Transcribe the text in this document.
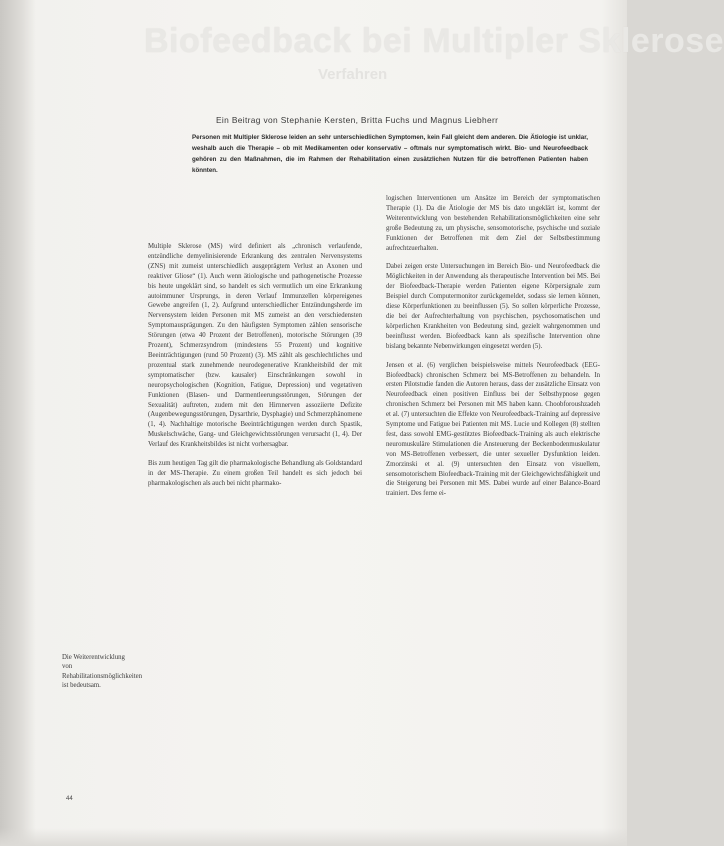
Biofeedback bei Multipler Sklerose
Verfahren
Ein Beitrag von Stephanie Kersten, Britta Fuchs und Magnus Liebherr
Personen mit Multipler Sklerose leiden an sehr unterschiedlichen Symptomen, kein Fall gleicht dem anderen. Die Ätiologie ist unklar, weshalb auch die Therapie – ob mit Medikamenten oder konservativ – oftmals nur symptomatisch wirkt. Bio- und Neurofeedback gehören zu den Maßnahmen, die im Rahmen der Rehabilitation einen zusätzlichen Nutzen für die betroffenen Patienten haben könnten.

Multiple Sklerose (MS) wird definiert als „chronisch verlaufende, entzündliche demyelinisierende Erkrankung des zentralen Nervensystems (ZNS) mit zumeist unterschiedlich ausgeprägtem Verlust an Axonen und reaktiver Gliose“ (1). Auch wenn ätiologische und pathogenetische Prozesse bis heute ungeklärt sind, so handelt es sich vermutlich um eine Erkrankung autoimmuner Ursprungs, in deren Verlauf Immunzellen körpereigenes Gewebe angreifen (1, 2). Aufgrund unterschiedlicher Entzündungsherde im Nervensystem leiden Personen mit MS zumeist an den verschiedensten Symptomausprägungen. Zu den häufigsten Symptomen zählen sensorische Störungen (etwa 40 Prozent der Betroffenen), motorische Störungen (39 Prozent), Schmerzsyndrom (mindestens 55 Prozent) und kognitive Beeinträchtigungen (rund 50 Prozent) (3). MS zählt als geschlechtliches und prozentual stark zunehmende neurodegenerative Krankheitsbild der mit symptomatischer (bzw. kausaler) Einschränkungen sowohl in neuropsychologischen (Kognition, Fatigue, Depression) und vegetativen Funktionen (Blasen- und Darmentleerungsstörungen, Störungen der Sexualität) auftreten, zudem mit den Hirnnerven assoziierte Defizite (Augenbewegungsstörungen, Dysarthrie, Dysphagie) und Schmerzphänomene (1, 4). Nachhaltige motorische Beeinträchtigungen werden durch Spastik, Muskelschwäche, Gang- und Gleichgewichtsstörungen verursacht (1, 4). Der Verlauf des Krankheitsbildes ist nicht vorhersagbar.

Bis zum heutigen Tag gilt die pharmakologische Behandlung als Goldstandard in der MS-Therapie. Zu einem großen Teil handelt es sich jedoch bei pharmakologischen als auch bei nicht pharmako-

logischen Interventionen um Ansätze im Bereich der symptomatischen Therapie (1). Da die Ätiologie der MS bis dato ungeklärt ist, kommt der Weiterentwicklung von bestehenden Rehabilitationsmöglichkeiten eine sehr große Bedeutung zu, um physische, sensomotorische, psychische und soziale Funktionen der Betroffenen mit dem Ziel der Selbstbestimmung aufrechtzuerhalten.

Dabei zeigen erste Untersuchungen im Bereich Bio- und Neurofeedback die Möglichkeiten in der Anwendung als therapeutische Intervention bei MS. Bei der Biofeedback-Therapie werden Patienten eigene Körpersignale zum Beispiel durch Computermonitor zurückgemeldet, sodass sie lernen können, diese Körperfunktionen zu beeinflussen (5). So sollen körperliche Prozesse, die bei der Aufrechterhaltung von psychischen, psychosomatischen und körperlichen Krankheiten von Bedeutung sind, gezielt wahrgenommen und beeinflusst werden. Biofeedback kann als spezifische Intervention ohne bislang bekannte Nebenwirkungen eingesetzt werden (5).

Jensen et al. (6) verglichen beispielsweise mittels Neurofeedback (EEG-Biofeedback) chronischen Schmerz bei MS-Betroffenen zu behandeln. In ersten Pilotstudie fanden die Autoren heraus, dass der zusätzliche Einsatz von Neurofeedback einen positiven Einfluss bei der Selbsthypnose gegen chronischen Schmerz bei Personen mit MS haben kann. Choobforoushzadeh et al. (7) untersuchten die Effekte von Neurofeedback-Training auf depressive Symptome und Fatigue bei Patienten mit MS. Lucie und Kollegen (8) stellten fest, dass sowohl EMG-gestütztes Biofeedback-Training als auch elektrische neuromuskuläre Stimulationen die Ansteuerung der Beckenbodenmuskulatur von MS-Betroffenen verbessert, die unter sexueller Dysfunktion leiden. Zmorzinski et al. (9) untersuchten den Einsatz von visuellem, sensomotorischem Biofeedback-Training mit der Gleichgewichtsfähigkeit und die Steigerung bei Personen mit MS. Dabei wurde auf einer Balance-Board trainiert. Des ferne ei-

Die Weiterentwicklung von Rehabilitationsmöglichkeiten ist bedeutsam.
44
